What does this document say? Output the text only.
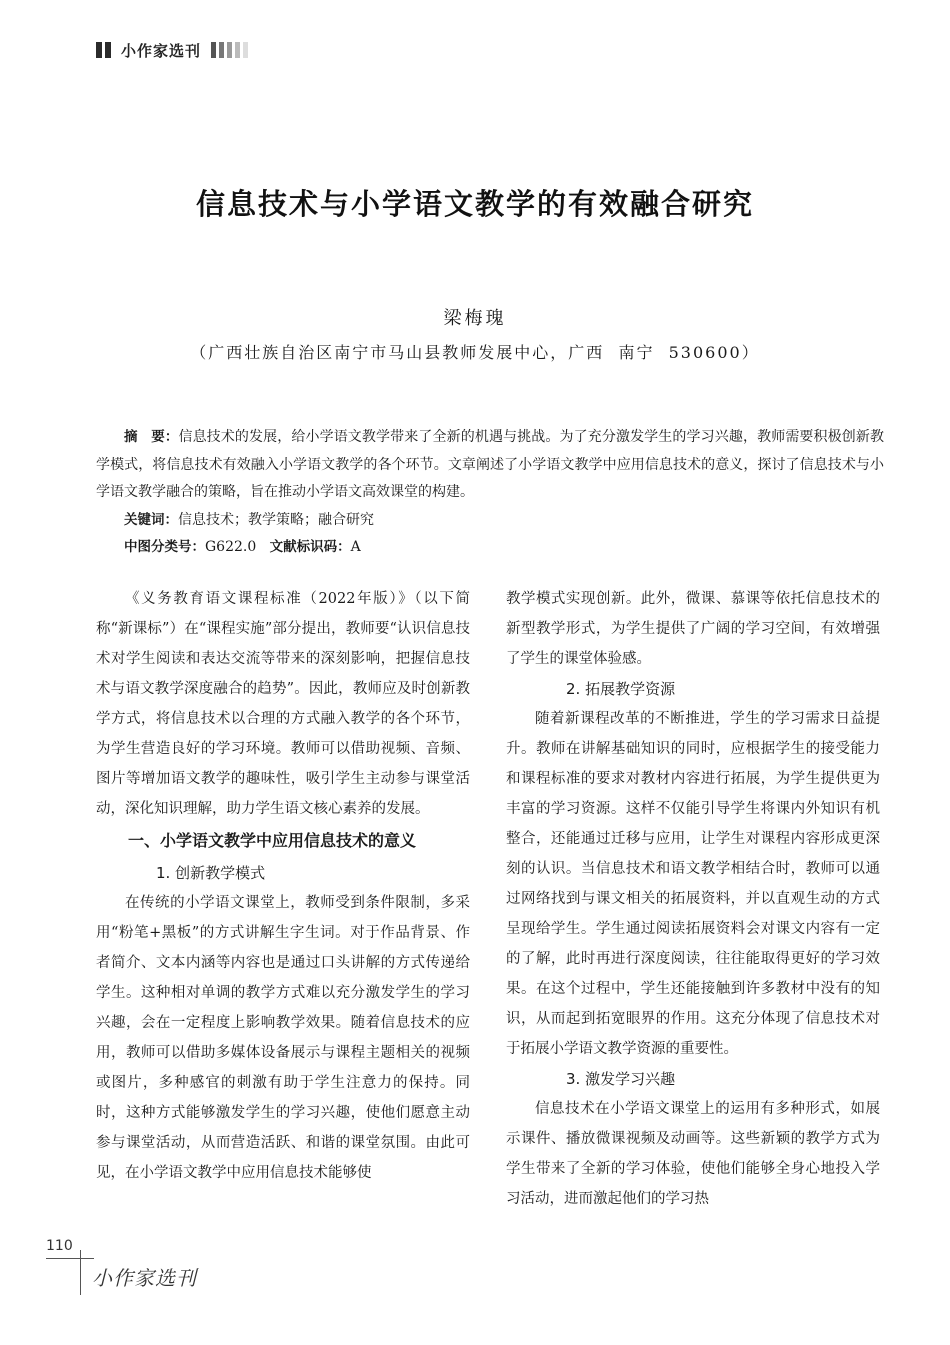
小作家选刊
信息技术与小学语文教学的有效融合研究
梁梅瑰
（广西壮族自治区南宁市马山县教师发展中心，广西  南宁  530600）

摘　要：信息技术的发展，给小学语文教学带来了全新的机遇与挑战。为了充分激发学生的学习兴趣，教师需要积极创新教学模式，将信息技术有效融入小学语文教学的各个环节。文章阐述了小学语文教学中应用信息技术的意义，探讨了信息技术与小学语文教学融合的策略，旨在推动小学语文高效课堂的构建。

关键词：信息技术；教学策略；融合研究

中图分类号：G622.0 文献标识码：A

《义务教育语文课程标准（2022年版）》（以下简称“新课标”）在“课程实施”部分提出，教师要“认识信息技术对学生阅读和表达交流等带来的深刻影响，把握信息技术与语文教学深度融合的趋势”。因此，教师应及时创新教学方式，将信息技术以合理的方式融入教学的各个环节，为学生营造良好的学习环境。教师可以借助视频、音频、图片等增加语文教学的趣味性，吸引学生主动参与课堂活动，深化知识理解，助力学生语文核心素养的发展。

一、小学语文教学中应用信息技术的意义

1. 创新教学模式

在传统的小学语文课堂上，教师受到条件限制，多采用“粉笔+黑板”的方式讲解生字生词。对于作品背景、作者简介、文本内涵等内容也是通过口头讲解的方式传递给学生。这种相对单调的教学方式难以充分激发学生的学习兴趣，会在一定程度上影响教学效果。随着信息技术的应用，教师可以借助多媒体设备展示与课程主题相关的视频或图片，多种感官的刺激有助于学生注意力的保持。同时，这种方式能够激发学生的学习兴趣，使他们愿意主动参与课堂活动，从而营造活跃、和谐的课堂氛围。由此可见，在小学语文教学中应用信息技术能够使

教学模式实现创新。此外，微课、慕课等依托信息技术的新型教学形式，为学生提供了广阔的学习空间，有效增强了学生的课堂体验感。

2. 拓展教学资源

随着新课程改革的不断推进，学生的学习需求日益提升。教师在讲解基础知识的同时，应根据学生的接受能力和课程标准的要求对教材内容进行拓展，为学生提供更为丰富的学习资源。这样不仅能引导学生将课内外知识有机整合，还能通过迁移与应用，让学生对课程内容形成更深刻的认识。当信息技术和语文教学相结合时，教师可以通过网络找到与课文相关的拓展资料，并以直观生动的方式呈现给学生。学生通过阅读拓展资料会对课文内容有一定的了解，此时再进行深度阅读，往往能取得更好的学习效果。在这个过程中，学生还能接触到许多教材中没有的知识，从而起到拓宽眼界的作用。这充分体现了信息技术对于拓展小学语文教学资源的重要性。

3. 激发学习兴趣

信息技术在小学语文课堂上的运用有多种形式，如展示课件、播放微课视频及动画等。这些新颖的教学方式为学生带来了全新的学习体验，使他们能够全身心地投入学习活动，进而激起他们的学习热

110
小作家选刊
